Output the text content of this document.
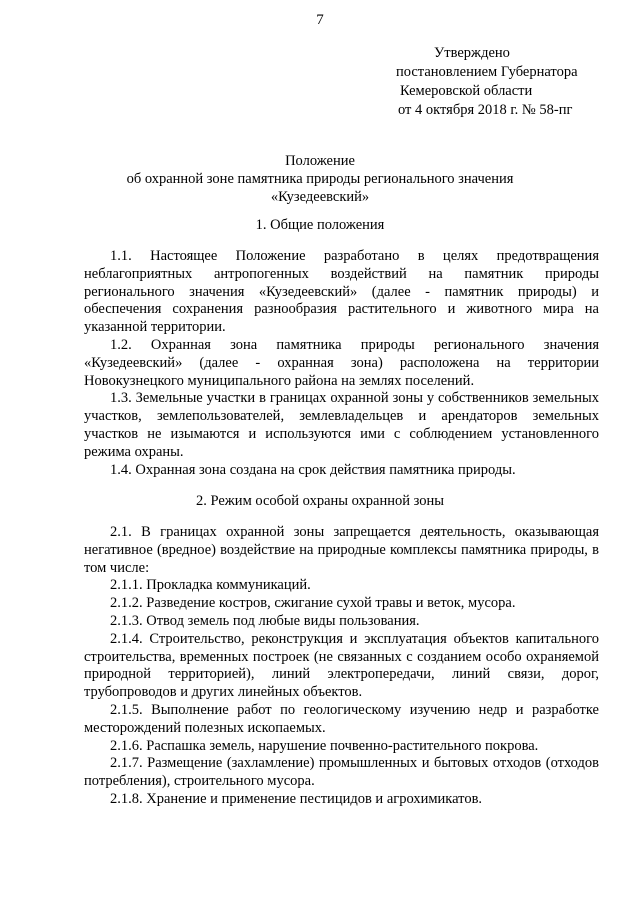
7
Утверждено
постановлением Губернатора
Кемеровской области
от 4 октября 2018 г. № 58-пг
Положение
об охранной зоне памятника природы регионального значения
«Кузедеевский»
1. Общие положения

1.1. Настоящее Положение разработано в целях предотвращения неблагоприятных антропогенных воздействий на памятник природы регионального значения «Кузедеевский» (далее - памятник природы) и обеспечения сохранения разнообразия растительного и животного мира на указанной территории.

1.2. Охранная зона памятника природы регионального значения «Кузедеевский» (далее - охранная зона) расположена на территории Новокузнецкого муниципального района на землях поселений.

1.3. Земельные участки в границах охранной зоны у собственников земельных участков, землепользователей, землевладельцев и арендаторов земельных участков не изымаются и используются ими с соблюдением установленного режима охраны.

1.4. Охранная зона создана на срок действия памятника природы.

2. Режим особой охраны охранной зоны

2.1. В границах охранной зоны запрещается деятельность, оказывающая негативное (вредное) воздействие на природные комплексы памятника природы, в том числе:

2.1.1. Прокладка коммуникаций.

2.1.2. Разведение костров, сжигание сухой травы и веток, мусора.

2.1.3. Отвод земель под любые виды пользования.

2.1.4. Строительство, реконструкция и эксплуатация объектов капитального строительства, временных построек (не связанных с созданием особо охраняемой природной территорией), линий электропередачи, линий связи, дорог, трубопроводов и других линейных объектов.

2.1.5. Выполнение работ по геологическому изучению недр и разработке месторождений полезных ископаемых.

2.1.6. Распашка земель, нарушение почвенно-растительного покрова.

2.1.7. Размещение (захламление) промышленных и бытовых отходов (отходов потребления), строительного мусора.

2.1.8. Хранение и применение пестицидов и агрохимикатов.
